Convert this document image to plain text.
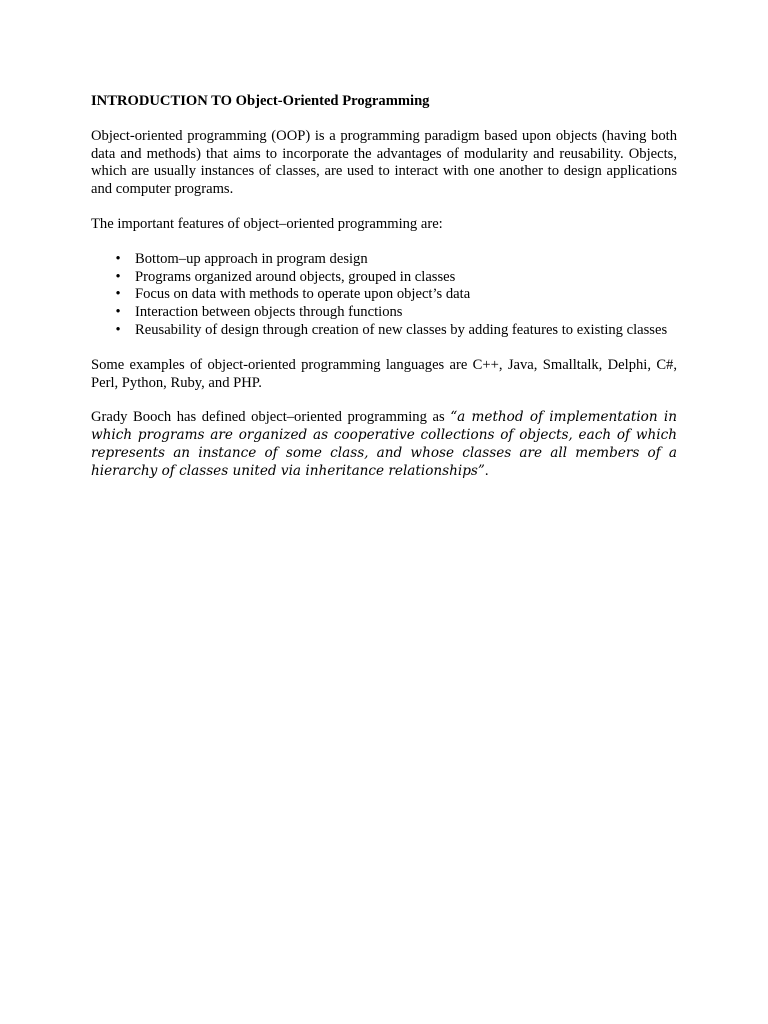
INTRODUCTION TO Object-Oriented Programming

Object-oriented programming (OOP) is a programming paradigm based upon objects (having both data and methods) that aims to incorporate the advantages of modularity and reusability. Objects, which are usually instances of classes, are used to interact with one another to design applications and computer programs.

The important features of object–oriented programming are:

• Bottom–up approach in program design
• Programs organized around objects, grouped in classes
• Focus on data with methods to operate upon object’s data
• Interaction between objects through functions
• Reusability of design through creation of new classes by adding features to existing classes

Some examples of object-oriented programming languages are C++, Java, Smalltalk, Delphi, C#, Perl, Python, Ruby, and PHP.

Grady Booch has defined object–oriented programming as “a method of implementation in which programs are organized as cooperative collections of objects, each of which represents an instance of some class, and whose classes are all members of a hierarchy of classes united via inheritance relationships”.
